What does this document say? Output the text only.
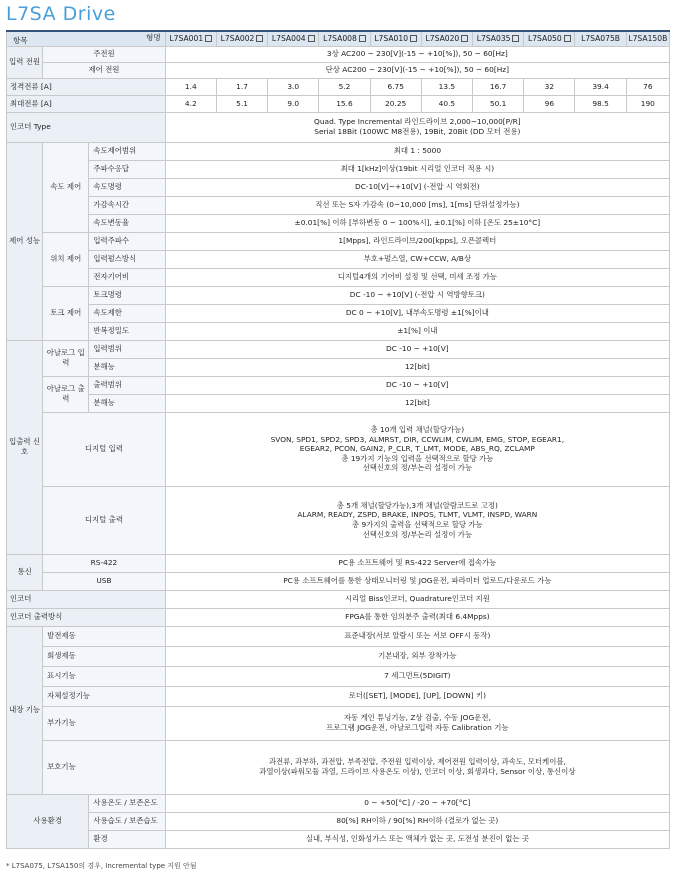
L7SA Drive
항목 형명			L7SA001	L7SA002	L7SA004	L7SA008	L7SA010	L7SA020	L7SA035	L7SA050	L7SA075B	L7SA150B
입력 전원	주전원		3상 AC200 ~ 230[V](-15 ~ +10[%]), 50 ~ 60[Hz]									
	제어 전원		단상 AC200 ~ 230[V](-15 ~ +10[%]), 50 ~ 60[Hz]									
정격전류 [A]			1.4	1.7	3.0	5.2	6.75	13.5	16.7	32	39.4	76
최대전류 [A]			4.2	5.1	9.0	15.6	20.25	40.5	50.1	96	98.5	190
인코더 Type			Quad. Type Incremental 라인드라이브 2,000~10,000[P/R]
Serial 18Bit (100WC M8전용), 19Bit, 20Bit (DD 모터 전용)									

제어 성능	속도 제어	속도제어범위	최대 1 : 5000									
		주파수응답	최대 1[kHz]이상(19bit 시리얼 인코더 적용 시)									
		속도명령	DC-10[V]~+10[V] (-전압 시 역회전)									
		가감속시간	직선 또는 S자 가감속 (0~10,000 [ms], 1[ms] 단위설정가능)									
		속도변동율	±0.01[%] 이하 [부하변동 0 ~ 100%시], ±0.1[%] 이하 [온도 25±10°C]									
	위치 제어	입력주파수	1[Mpps], 라인드라이브/200[kpps], 오픈콜렉터									
		입력펄스방식	부호+펄스열, CW+CCW, A/B상									
		전자기어비	디지털4개의 기어비 설정 및 선택, 미세 조정 가능									
	토크 제어	토크명령	DC -10 ~ +10[V] (-전압 시 역방향토크)									
		속도제한	DC 0 ~ +10[V], 내부속도명령 ±1[%]이내									
		반복정밀도	±1[%] 이내									
입출력 신호	아날로그 입력	입력범위	DC -10 ~ +10[V]									
		분해능	12[bit]									
	아날로그 출력	출력범위	DC -10 ~ +10[V]									
		분해능	12[bit]									
	디지털 입력		총 10개 입력 채널(할당가능)
SVON, SPD1, SPD2, SPD3, ALMRST, DIR, CCWLIM, CWLIM, EMG, STOP, EGEAR1,
EGEAR2, PCON, GAIN2, P_CLR, T_LMT, MODE, ABS_RQ, ZCLAMP
총 19가지 기능의 입력을 선택적으로 할당 가능
선택신호의 정/부논리 설정이 가능									

	디지털 출력		총 5개 채널(할당가능),3개 채널(알람코드로 고정)
ALARM, READY, ZSPD, BRAKE, INPOS, TLMT, VLMT, INSPD, WARN
총 9가지의 출력을 선택적으로 할당 가능
선택신호의 정/부논리 설정이 가능									

통신	RS-422		PC용 소프트웨어 및 RS-422 Server에 접속가능									
	USB		PC용 소프트웨어를 통한 상태모니터링 및 JOG운전, 파라미터 업로드/다운로드 가능									
인코더			시리얼 Biss인코더, Quadrature인코더 지원									
인코더 출력방식			FPGA를 통한 임의분주 출력(최대 6.4Mpps)									
내장 기능	발전제동		표준내장(서보 알람시 또는 서보 OFF시 동작)									
	회생제동		기본내장, 외부 장착가능									
	표시기능		7 세그먼트(5DIGIT)									
	자체설정기능		로더([SET], [MODE], [UP], [DOWN] 키)									
	부가기능		자동 게인 튜닝기능, Z상 검출, 수동 JOG운전,
프로그램 JOG운전, 아날로그입력 자동 Calibration 기능									

	보호기능		과전류, 과부하, 과전압, 부족전압, 주전원 입력이상, 제어전원 입력이상, 과속도, 모터케이블,
과열이상(파워모듈 과열, 드라이브 사용온도 이상), 인코더 이상, 회생과다, Sensor 이상, 통신이상									

사용환경		사용온도 / 보존온도	0 ~ +50[°C] / -20 ~ +70[°C]									
		사용습도 / 보존습도	80[%] RH이하 / 90[%] RH이하 (결로가 없는 곳)									
		환경	실내, 부식성, 인화성가스 또는 액체가 없는 곳, 도전성 분진이 없는 곳									
* L7SA075, L7SA150의 경우, Incremental type 지원 안됨
